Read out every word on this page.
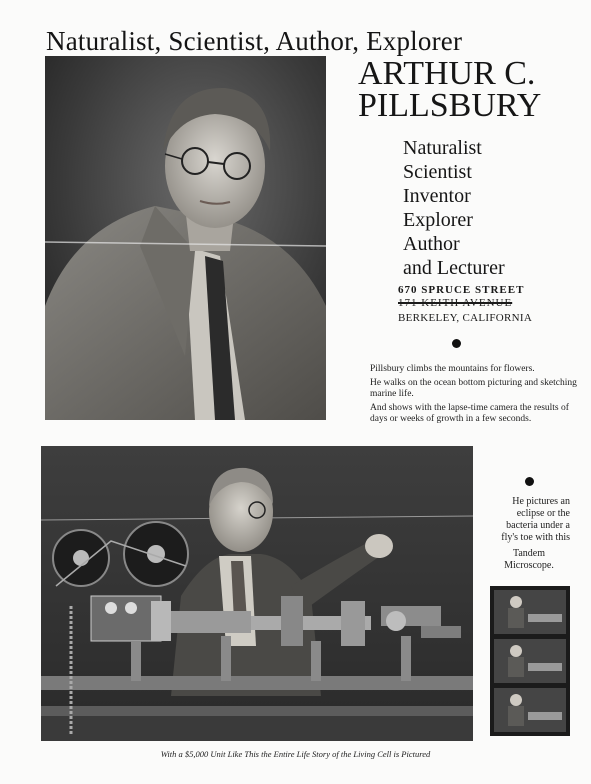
Naturalist, Scientist, Author, Explorer
ARTHUR C.
PILLSBURY
Naturalist
Scientist
Inventor
Explorer
Author
and Lecturer
670 SPRUCE STREET
171 KEITH AVENUE
BERKELEY, CALIFORNIA

Pillsbury climbs the mountains for flowers.

He walks on the ocean bottom picturing and sketching marine life.

And shows with the lapse-time camera the results of days or weeks of growth in a few seconds.

He pictures an eclipse or the bacteria under a fly's toe with this
Tandem Microscope.
With a $5,000 Unit Like This the Entire Life Story of the Living Cell is Pictured
